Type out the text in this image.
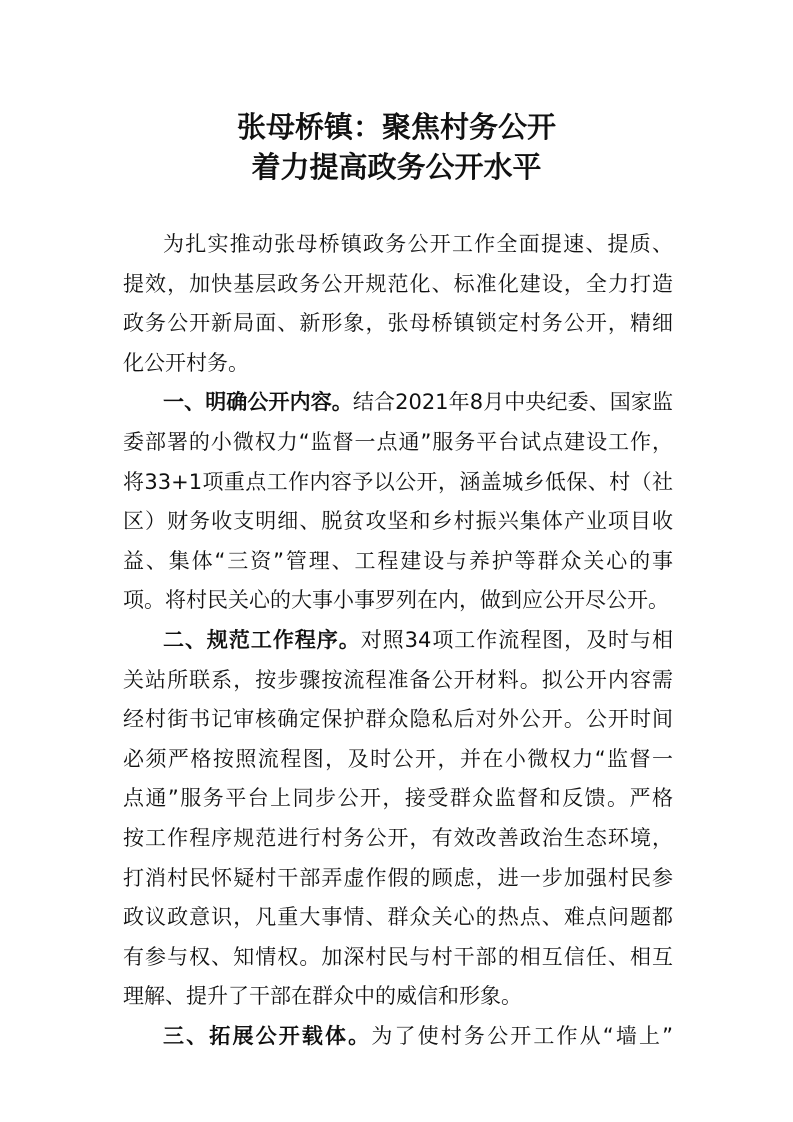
张母桥镇：聚焦村务公开
着力提高政务公开水平

为扎实推动张母桥镇政务公开工作全面提速、提质、

提效，加快基层政务公开规范化、标准化建设，全力打造

政务公开新局面、新形象，张母桥镇锁定村务公开，精细

化公开村务。

一、明确公开内容。结合2021年8月中央纪委、国家监

委部署的小微权力“监督一点通”服务平台试点建设工作，

将33+1项重点工作内容予以公开，涵盖城乡低保、村（社

区）财务收支明细、脱贫攻坚和乡村振兴集体产业项目收

益、集体“三资”管理、工程建设与养护等群众关心的事

项。将村民关心的大事小事罗列在内，做到应公开尽公开。

二、规范工作程序。对照34项工作流程图，及时与相

关站所联系，按步骤按流程准备公开材料。拟公开内容需

经村街书记审核确定保护群众隐私后对外公开。公开时间

必须严格按照流程图，及时公开，并在小微权力“监督一

点通”服务平台上同步公开，接受群众监督和反馈。严格

按工作程序规范进行村务公开，有效改善政治生态环境，

打消村民怀疑村干部弄虚作假的顾虑，进一步加强村民参

政议政意识，凡重大事情、群众关心的热点、难点问题都

有参与权、知情权。加深村民与村干部的相互信任、相互

理解、提升了干部在群众中的威信和形象。

三、拓展公开载体。为了使村务公开工作从“墙上”
